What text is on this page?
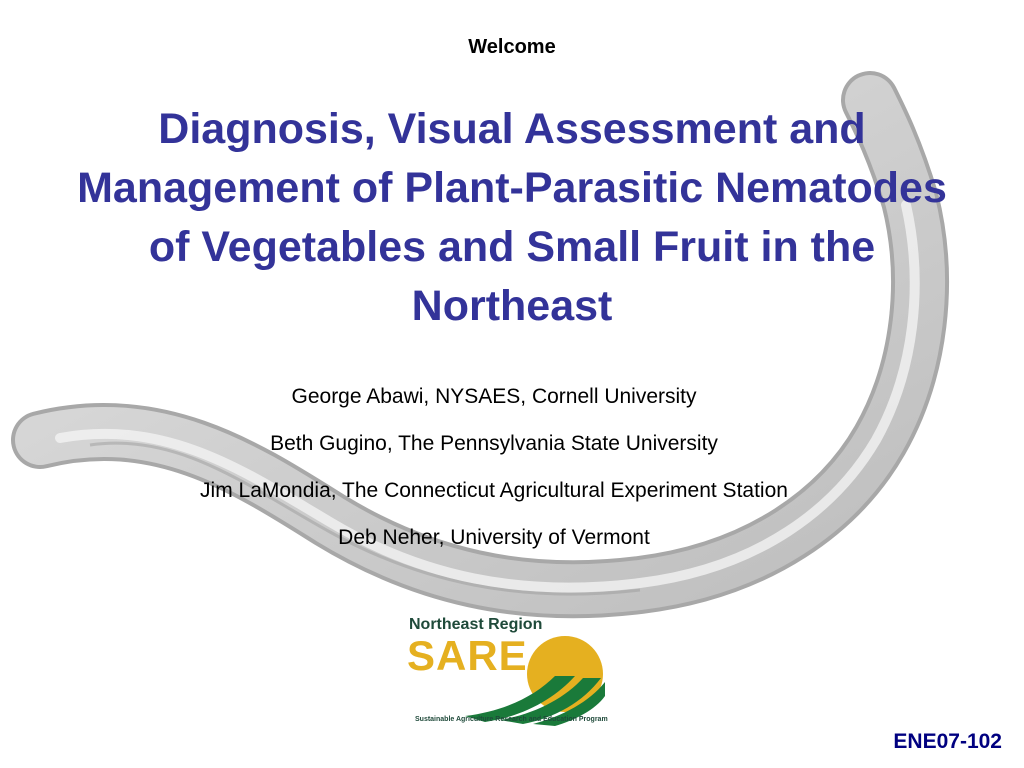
Welcome
Diagnosis, Visual Assessment and Management of Plant-Parasitic Nematodes of Vegetables and Small Fruit in the Northeast
George Abawi, NYSAES, Cornell University
Beth Gugino, The Pennsylvania State University
Jim LaMondia, The Connecticut Agricultural Experiment Station
Deb Neher, University of Vermont
Northeast Region
SARE
Sustainable Agriculture Research and Education Program
ENE07-102
